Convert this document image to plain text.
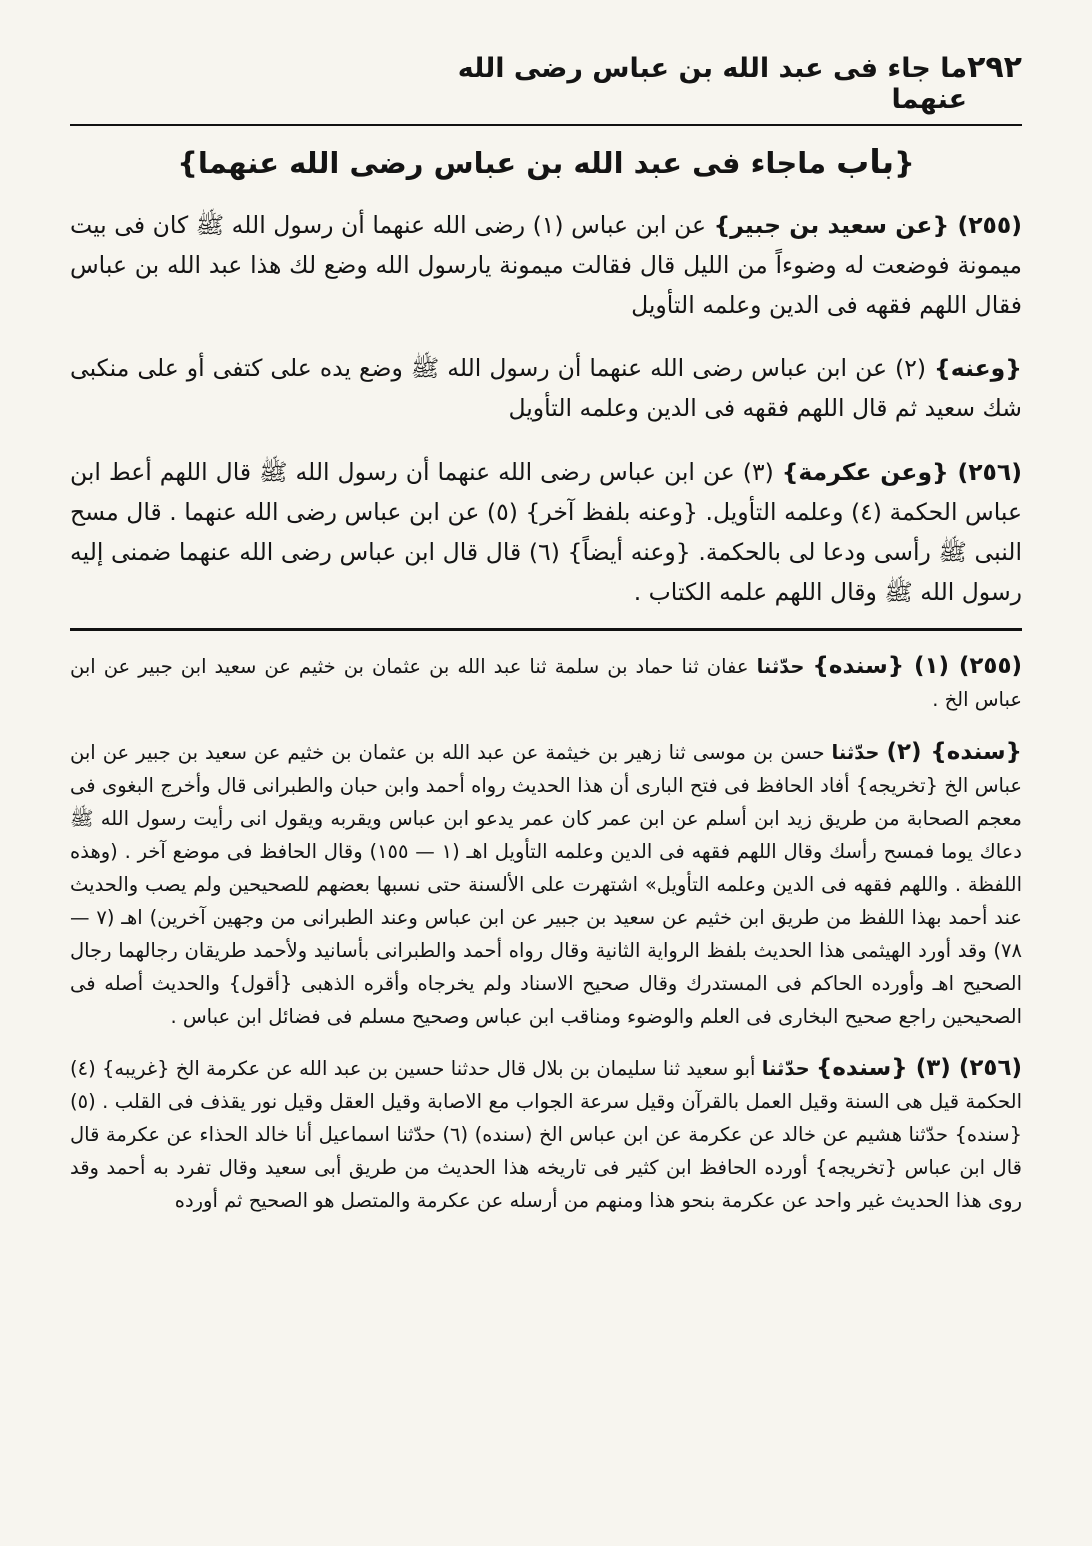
٢٩٢
ما جاء فى عبد الله بن عباس رضى الله عنهما
{باب ماجاء فى عبد الله بن عباس رضى الله عنهما}

(٢٥٥) {عن سعيد بن جبير} عن ابن عباس (١) رضى الله عنهما أن رسول الله ﷺ كان فى بيت ميمونة فوضعت له وضوءاً من الليل قال فقالت ميمونة يارسول الله وضع لك هذا عبد الله بن عباس فقال اللهم فقهه فى الدين وعلمه التأويل

{وعنه} (٢) عن ابن عباس رضى الله عنهما أن رسول الله ﷺ وضع يده على كتفى أو على منكبى شك سعيد ثم قال اللهم فقهه فى الدين وعلمه التأويل

(٢٥٦) {وعن عكرمة} (٣) عن ابن عباس رضى الله عنهما أن رسول الله ﷺ قال اللهم أعط ابن عباس الحكمة (٤) وعلمه التأويل. {وعنه بلفظ آخر} (٥) عن ابن عباس رضى الله عنهما . قال مسح النبى ﷺ رأسى ودعا لى بالحكمة. {وعنه أيضاً} (٦) قال قال ابن عباس رضى الله عنهما ضمنى إليه رسول الله ﷺ وقال اللهم علمه الكتاب .

(٢٥٥) (١) {سنده} حدّثنا عفان ثنا حماد بن سلمة ثنا عبد الله بن عثمان بن خثيم عن سعيد ابن جبير عن ابن عباس الخ .

{سنده} (٢) حدّثنا حسن بن موسى ثنا زهير بن خيثمة عن عبد الله بن عثمان بن خثيم عن سعيد بن جبير عن ابن عباس الخ {تخريجه} أفاد الحافظ فى فتح البارى أن هذا الحديث رواه أحمد وابن حبان والطبرانى قال وأخرج البغوى فى معجم الصحابة من طريق زيد ابن أسلم عن ابن عمر كان عمر يدعو ابن عباس ويقربه ويقول انى رأيت رسول الله ﷺ دعاك يوما فمسح رأسك وقال اللهم فقهه فى الدين وعلمه التأويل اهـ (١ — ١٥٥) وقال الحافظ فى موضع آخر . (وهذه اللفظة . واللهم فقهه فى الدين وعلمه التأويل» اشتهرت على الألسنة حتى نسبها بعضهم للصحيحين ولم يصب والحديث عند أحمد بهذا اللفظ من طريق ابن خثيم عن سعيد بن جبير عن ابن عباس وعند الطبرانى من وجهين آخرين) اهـ (٧ — ٧٨) وقد أورد الهيثمى هذا الحديث بلفظ الرواية الثانية وقال رواه أحمد والطبرانى بأسانيد ولأحمد طريقان رجالهما رجال الصحيح اهـ وأورده الحاكم فى المستدرك وقال صحيح الاسناد ولم يخرجاه وأقره الذهبى {أقول} والحديث أصله فى الصحيحين راجع صحيح البخارى فى العلم والوضوء ومناقب ابن عباس وصحيح مسلم فى فضائل ابن عباس .

(٢٥٦) (٣) {سنده} حدّثنا أبو سعيد ثنا سليمان بن بلال قال حدثنا حسين بن عبد الله عن عكرمة الخ {غريبه} (٤) الحكمة قيل هى السنة وقيل العمل بالقرآن وقيل سرعة الجواب مع الاصابة وقيل العقل وقيل نور يقذف فى القلب . (٥) {سنده} حدّثنا هشيم عن خالد عن عكرمة عن ابن عباس الخ (سنده) (٦) حدّثنا اسماعيل أنا خالد الحذاء عن عكرمة قال قال ابن عباس {تخريجه} أورده الحافظ ابن كثير فى تاريخه هذا الحديث من طريق أبى سعيد وقال تفرد به أحمد وقد روى هذا الحديث غير واحد عن عكرمة بنحو هذا ومنهم من أرسله عن عكرمة والمتصل هو الصحيح ثم أورده
